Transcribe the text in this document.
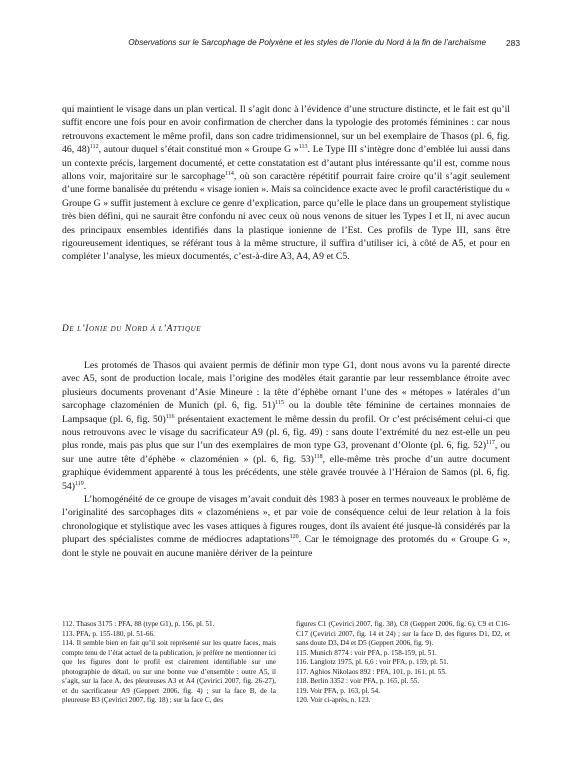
Observations sur le Sarcophage de Polyxène et les styles de l’Ionie du Nord à la fin de l’archaïsme 283

qui maintient le visage dans un plan vertical. Il s’agit donc à l’évidence d’une structure distincte, et le fait est qu’il suffit encore une fois pour en avoir confirmation de chercher dans la typologie des protomés féminines : car nous retrouvons exactement le même profil, dans son cadre tridimensionnel, sur un bel exemplaire de Thasos (pl. 6, fig. 46, 48)$^{112}$, autour duquel s’était constitué mon « Groupe G »$^{113}$. Le Type III s’intègre donc d’emblée lui aussi dans un contexte précis, largement documenté, et cette constatation est d’autant plus intéressante qu’il est, comme nous allons voir, majoritaire sur le sarcophage$^{114}$, où son caractère répétitif pourrait faire croire qu’il s’agit seulement d’une forme banalisée du prétendu « visage ionien ». Mais sa coïncidence exacte avec le profil caractéristique du « Groupe G » suffit justement à exclure ce genre d’explication, parce qu’elle le place dans un groupement stylistique très bien défini, qui ne saurait être confondu ni avec ceux où nous venons de situer les Types I et II, ni avec aucun des principaux ensembles identifiés dans la plastique ionienne de l’Est. Ces profils de Type III, sans être rigoureusement identiques, se référant tous à la même structure, il suffira d’utiliser ici, à côté de A5, et pour en compléter l’analyse, les mieux documentés, c’est-à-dire A3, A4, A9 et C5.

De l’Ionie du Nord à l’Attique

Les protomés de Thasos qui avaient permis de définir mon type G1, dont nous avons vu la parenté directe avec A5, sont de production locale, mais l’origine des modèles était garantie par leur ressemblance étroite avec plusieurs documents provenant d’Asie Mineure : la tête d’éphèbe ornant l’une des « métopes » latérales d’un sarcophage clazoménien de Munich (pl. 6, fig. 51)$^{115}$ ou la double tête féminine de certaines monnaies de Lampsaque (pl. 6, fig. 50)$^{116}$ présentaient exactement le même dessin du profil. Or c’est précisément celui-ci que nous retrouvons avec le visage du sacrificateur A9 (pl. 6, fig. 49) : sans doute l’extrémité du nez est-elle un peu plus ronde, mais pas plus que sur l’un des exemplaires de mon type G3, provenant d’Olonte (pl. 6, fig. 52)$^{117}$, ou sur une autre tête d’éphèbe « clazoménien » (pl. 6, fig. 53)$^{118}$, elle-même très proche d’un autre document graphique évidemment apparenté à tous les précédents, une stèle gravée trouvée à l’Héraion de Samos (pl. 6, fig. 54)$^{119}$.

L’homogénéité de ce groupe de visages m’avait conduit dès 1983 à poser en termes nouveaux le problème de l’originalité des sarcophages dits « clazoméniens », et par voie de conséquence celui de leur relation à la fois chronologique et stylistique avec les vases attiques à figures rouges, dont ils avaient été jusque-là considérés par la plupart des spécialistes comme de médiocres adaptations$^{120}$. Car le témoignage des protomés du « Groupe G », dont le style ne pouvait en aucune manière dériver de la peinture

112. Thasos 3175 : PFA, 88 (type G1), p. 156, pl. 51.

113. PFA, p. 155-180, pl. 51-66.

114. Il semble bien en fait qu’il soit représenté sur les quatre faces, mais compte tenu de l’état actuel de la publication, je préfère ne mentionner ici que les figures dont le profil est clairement identifiable sur une photographie de détail, ou sur une bonne vue d’ensemble : outre A5, il s’agit, sur la face A, des pleureuses A3 et A4 (Çevirici 2007, fig. 26-27), et du sacrificateur A9 (Geppert 2006, fig. 4) ; sur la face B, de la pleureuse B3 (Çevirici 2007, fig. 18) ; sur la face C, des

figures C1 (Çevirici 2007, fig. 38), C8 (Geppert 2006, fig. 6), C9 et C16-C17 (Çevirici 2007, fig. 14 et 24) ; sur la face D, des figures D1, D2, et sans doute D3, D4 et D5 (Geppert 2006, fig. 9).

115. Munich 8774 : voir PFA, p. 158-159, pl. 51.

116. Langlotz 1975, pl. 6,6 : voir PFA, p. 159, pl. 51.

117. Aghios Nikolaos 892 : PFA, 101, p. 161, pl. 55.

118. Berlin 3352 : voir PFA, p. 165, pl. 55.

119. Voir PFA, p. 163, pl. 54.

120. Voir ci-après, n. 123.
